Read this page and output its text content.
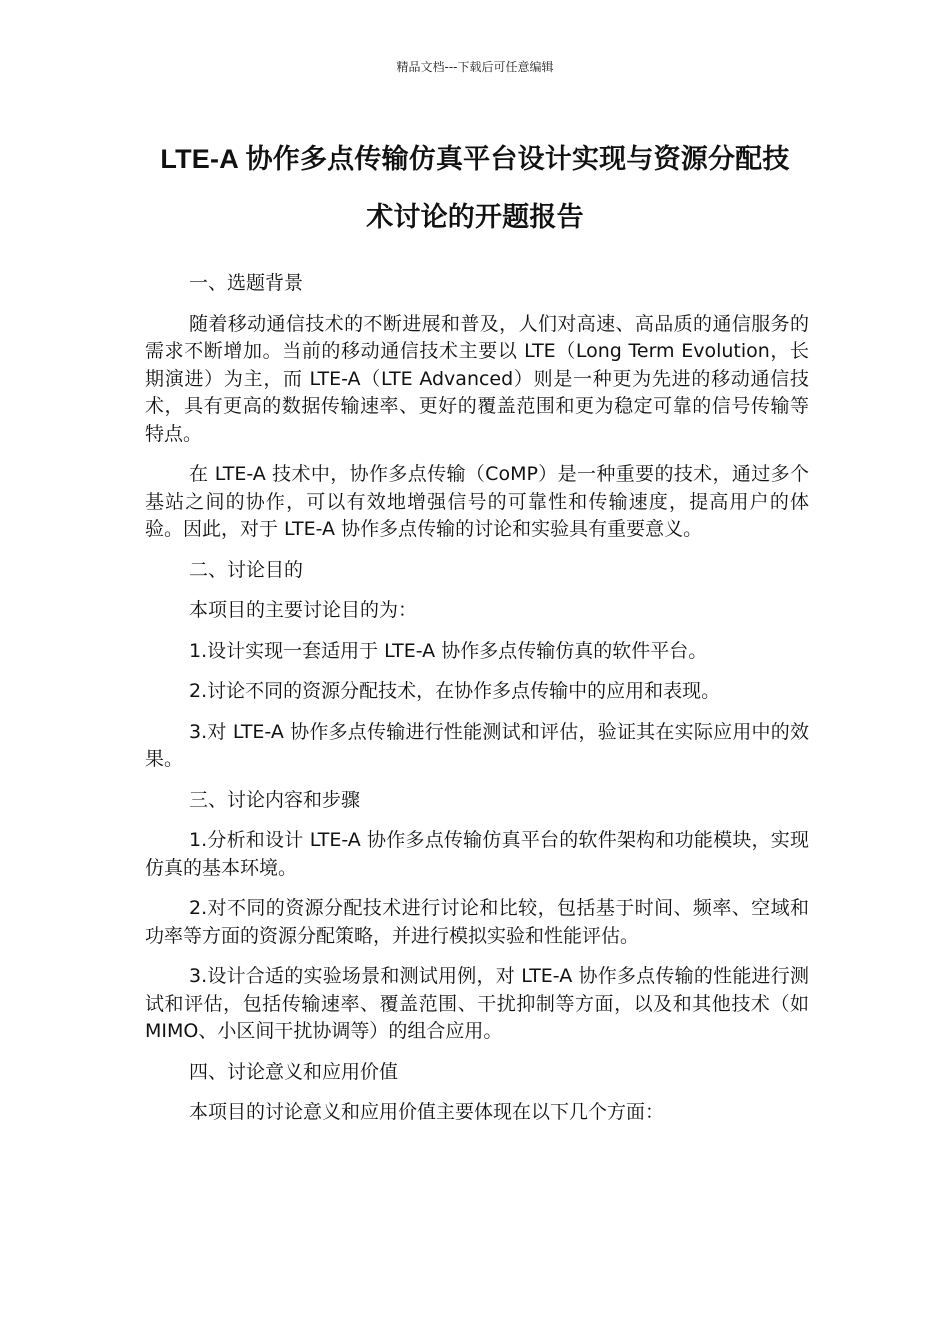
精品文档---下载后可任意编辑
LTE-A 协作多点传输仿真平台设计实现与资源分配技
术讨论的开题报告

一、选题背景

随着移动通信技术的不断进展和普及，人们对高速、高品质的通信服务的需求不断增加。当前的移动通信技术主要以 LTE（Long Term Evolution，长期演进）为主，而 LTE-A（LTE Advanced）则是一种更为先进的移动通信技术，具有更高的数据传输速率、更好的覆盖范围和更为稳定可靠的信号传输等特点。

在 LTE-A 技术中，协作多点传输（CoMP）是一种重要的技术，通过多个基站之间的协作，可以有效地增强信号的可靠性和传输速度，提高用户的体验。因此，对于 LTE-A 协作多点传输的讨论和实验具有重要意义。

二、讨论目的

本项目的主要讨论目的为：

1.设计实现一套适用于 LTE-A 协作多点传输仿真的软件平台。

2.讨论不同的资源分配技术，在协作多点传输中的应用和表现。

3.对 LTE-A 协作多点传输进行性能测试和评估，验证其在实际应用中的效果。

三、讨论内容和步骤

1.分析和设计 LTE-A 协作多点传输仿真平台的软件架构和功能模块，实现仿真的基本环境。

2.对不同的资源分配技术进行讨论和比较，包括基于时间、频率、空域和功率等方面的资源分配策略，并进行模拟实验和性能评估。

3.设计合适的实验场景和测试用例，对 LTE-A 协作多点传输的性能进行测试和评估，包括传输速率、覆盖范围、干扰抑制等方面，以及和其他技术（如 MIMO、小区间干扰协调等）的组合应用。

四、讨论意义和应用价值

本项目的讨论意义和应用价值主要体现在以下几个方面：
